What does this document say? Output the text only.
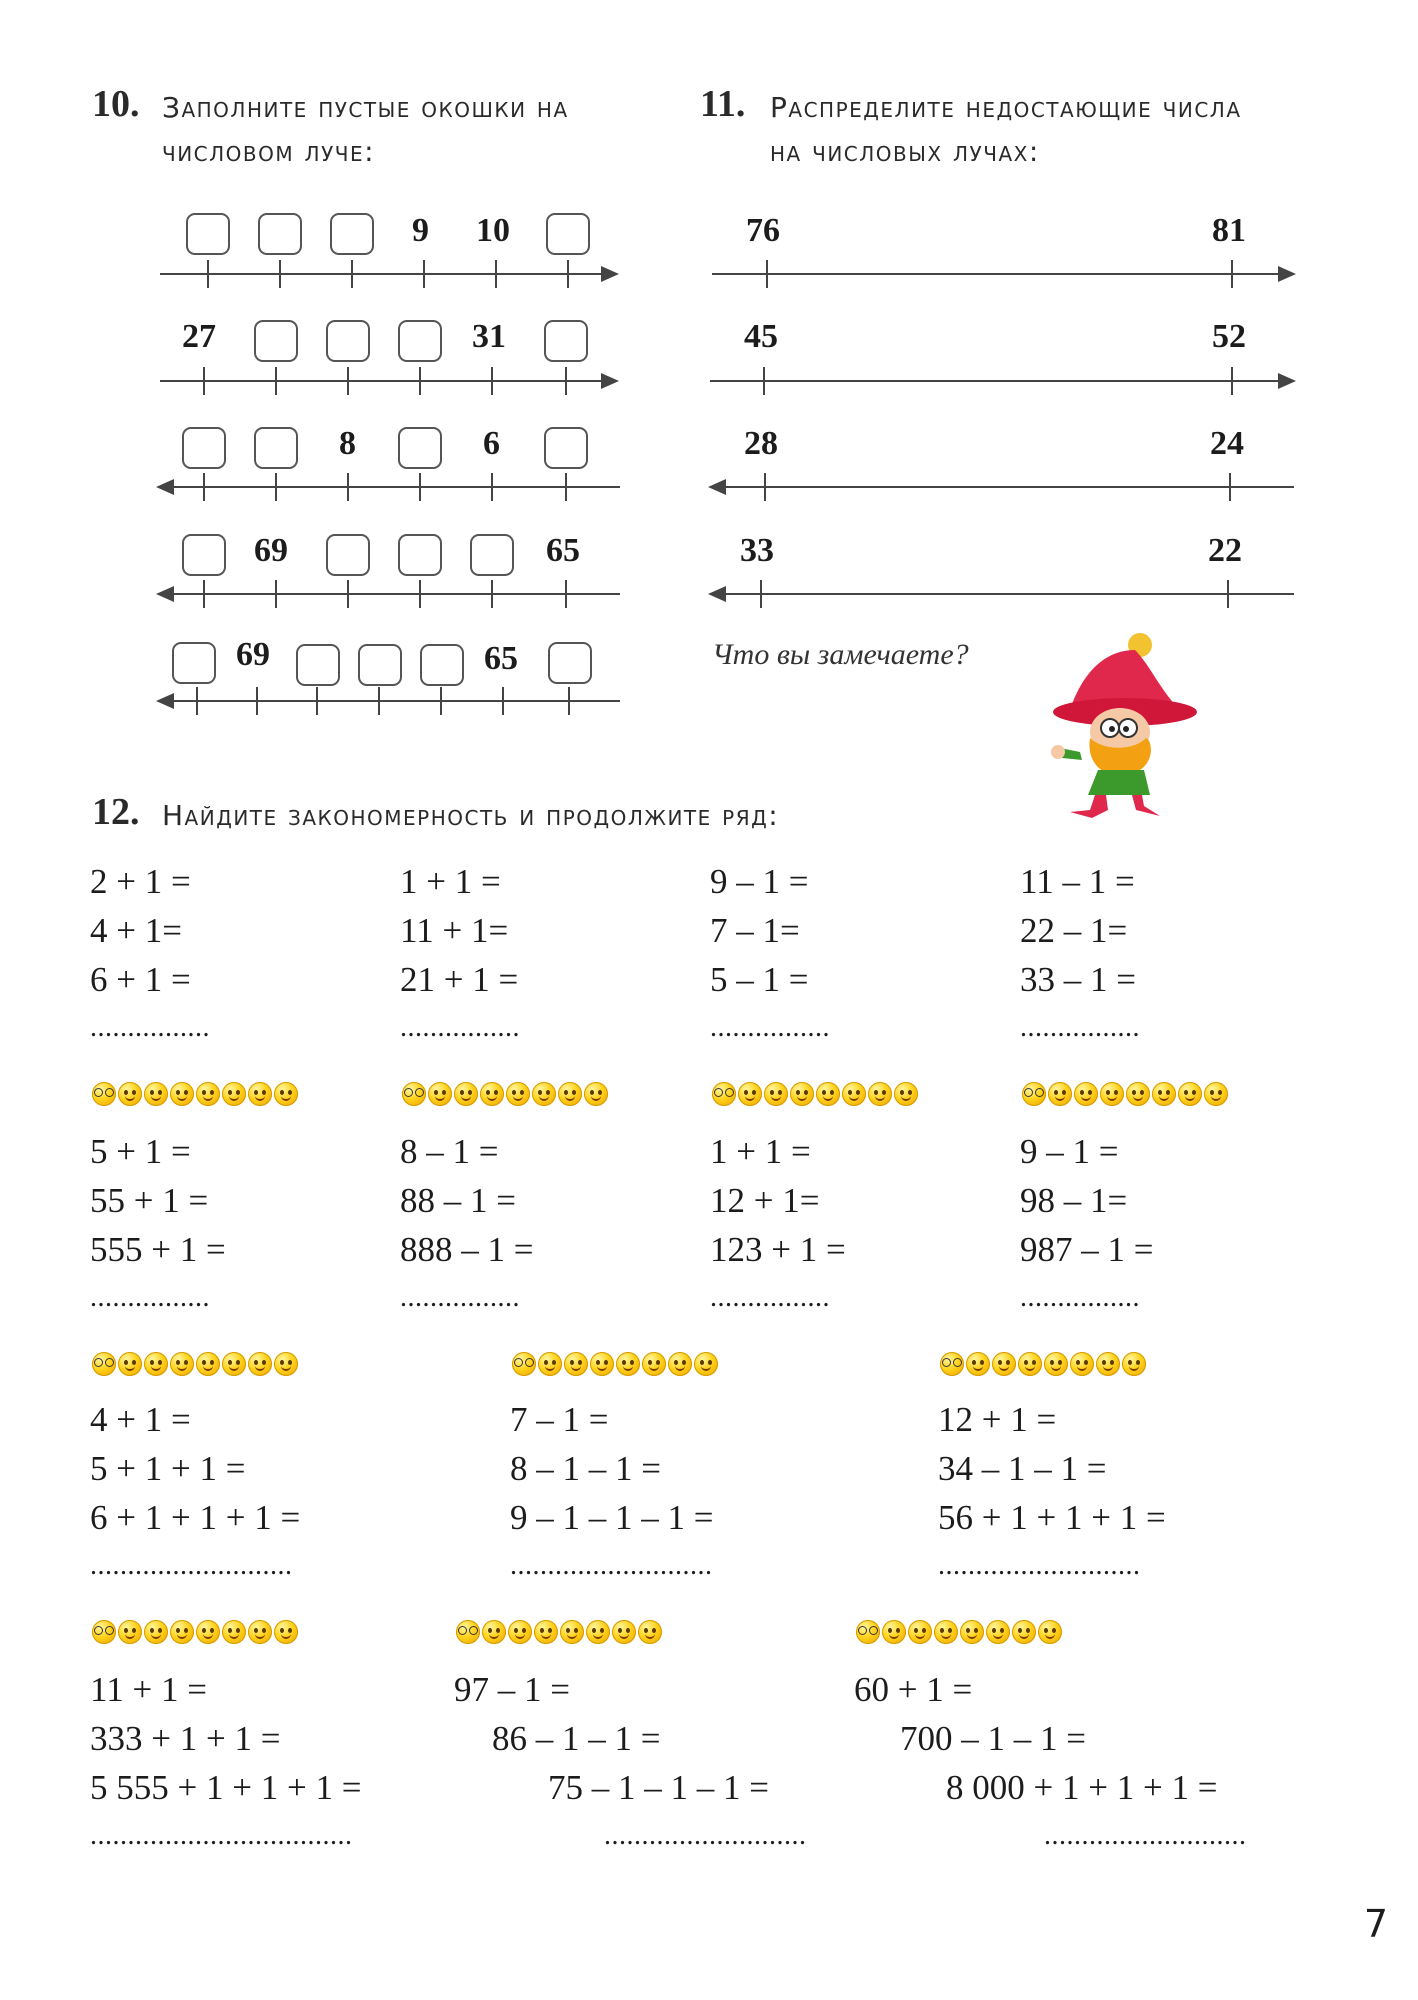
10. Заполните пустые окошки на
числовом луче:
9 10
27	31
8	6
69	65
69	65
11. Распределите недостающие числа
на числовых лучах:
76	81
45	52
28	24
33	22
Что вы замечаете?
12. Найдите закономерность и продолжите ряд:
2 + 1 =
4 + 1=
6 + 1 =
................
1 + 1 =
11 + 1=
21 + 1 =
................
9 – 1 =
7 – 1=
5 – 1 =
................
11 – 1 =
22 – 1=
33 – 1 =
................
5 + 1 =
55 + 1 =
555 + 1 =
................
8 – 1 =
88 – 1 =
888 – 1 =
................
1 + 1 =
12 + 1=
123 + 1 =
................
9 – 1 =
98 – 1=
987 – 1 =
................
4 + 1 =
5 + 1 + 1 =
6 + 1 + 1 + 1 =
...........................
7 – 1 =
8 – 1 – 1 =
9 – 1 – 1 – 1 =
...........................
12 + 1 =
34 – 1 – 1 =
56 + 1 + 1 + 1 =
...........................
11 + 1 =
333 + 1 + 1 =
5 555 + 1 + 1 + 1 =
...................................
97 – 1 =
86 – 1 – 1 =
75 – 1 – 1 – 1 =
...........................
60 + 1 =
700 – 1 – 1 =
8 000 + 1 + 1 + 1 =
...........................
7
